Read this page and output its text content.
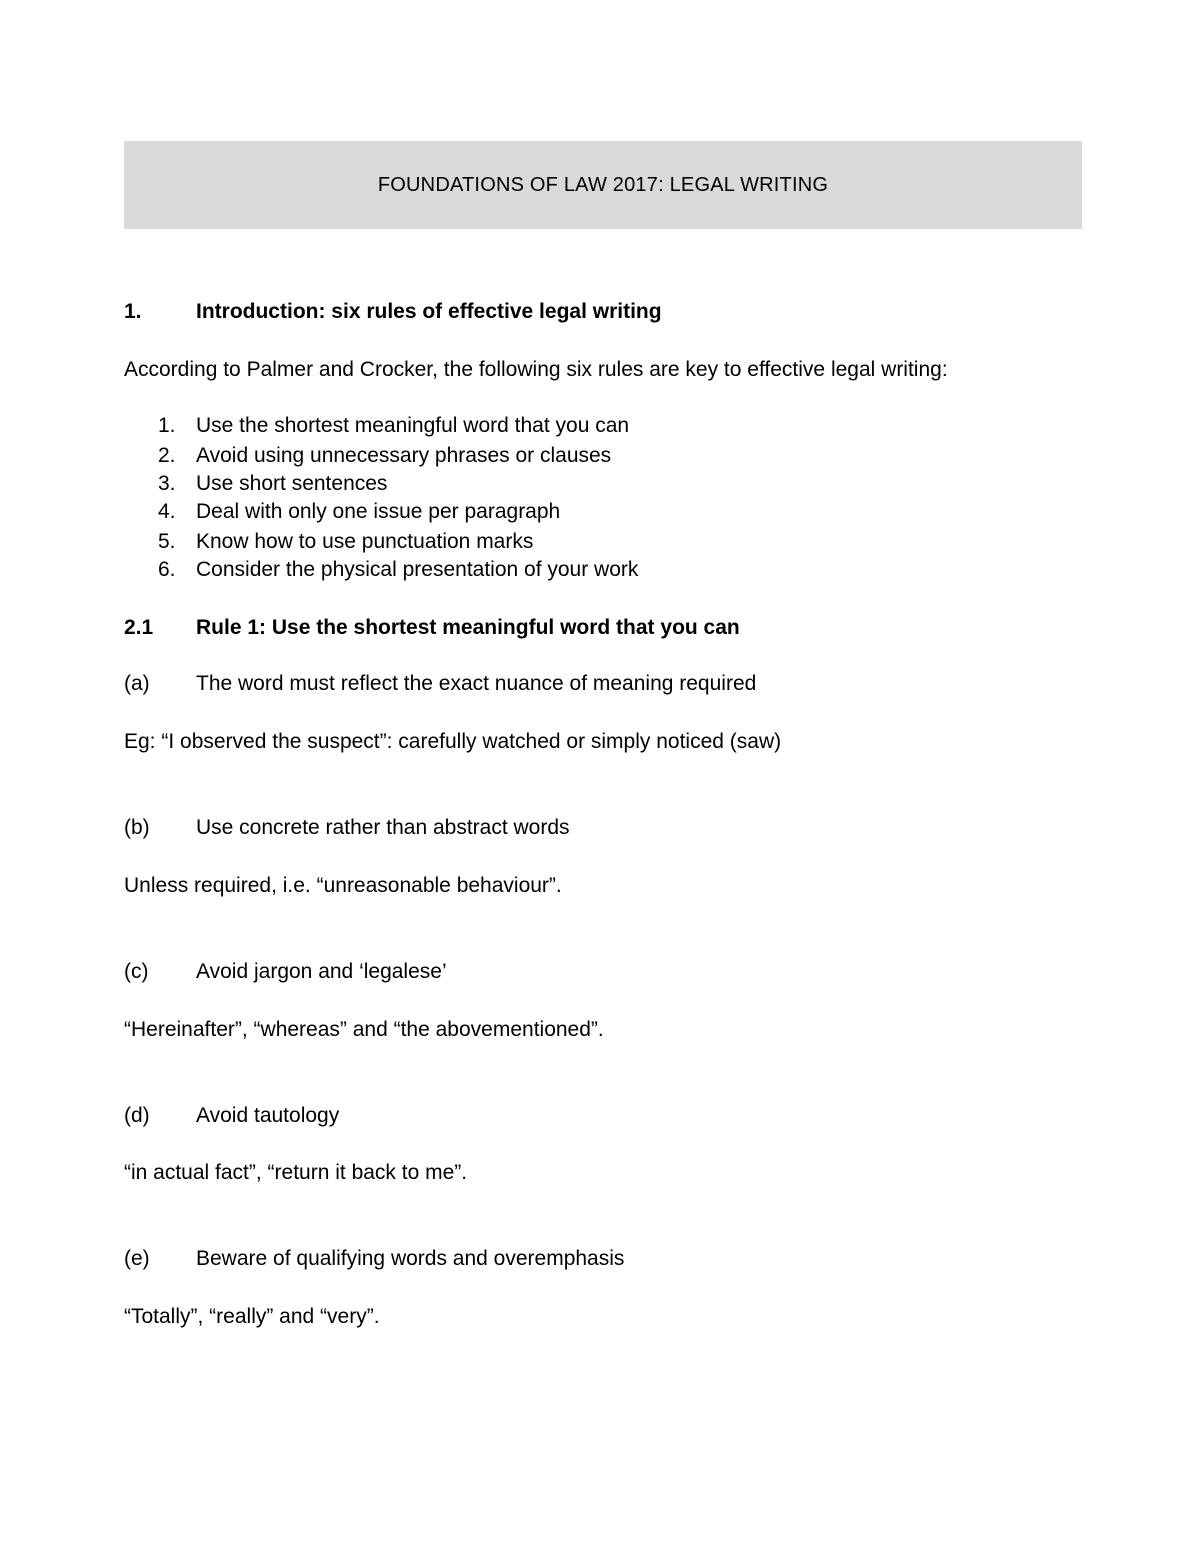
FOUNDATIONS OF LAW 2017: LEGAL WRITING
1.	Introduction: six rules of effective legal writing
According to Palmer and Crocker, the following six rules are key to effective legal writing:
1. Use the shortest meaningful word that you can
2. Avoid using unnecessary phrases or clauses
3. Use short sentences
4. Deal with only one issue per paragraph
5. Know how to use punctuation marks
6. Consider the physical presentation of your work
2.1 Rule 1: Use the shortest meaningful word that you can
(a) The word must reflect the exact nuance of meaning required
Eg: “I observed the suspect”: carefully watched or simply noticed (saw)
(b) Use concrete rather than abstract words
Unless required, i.e. “unreasonable behaviour”.
(c) Avoid jargon and ‘legalese’
“Hereinafter”, “whereas” and “the abovementioned”.
(d) Avoid tautology
“in actual fact”, “return it back to me”.
(e) Beware of qualifying words and overemphasis
“Totally”, “really” and “very”.
